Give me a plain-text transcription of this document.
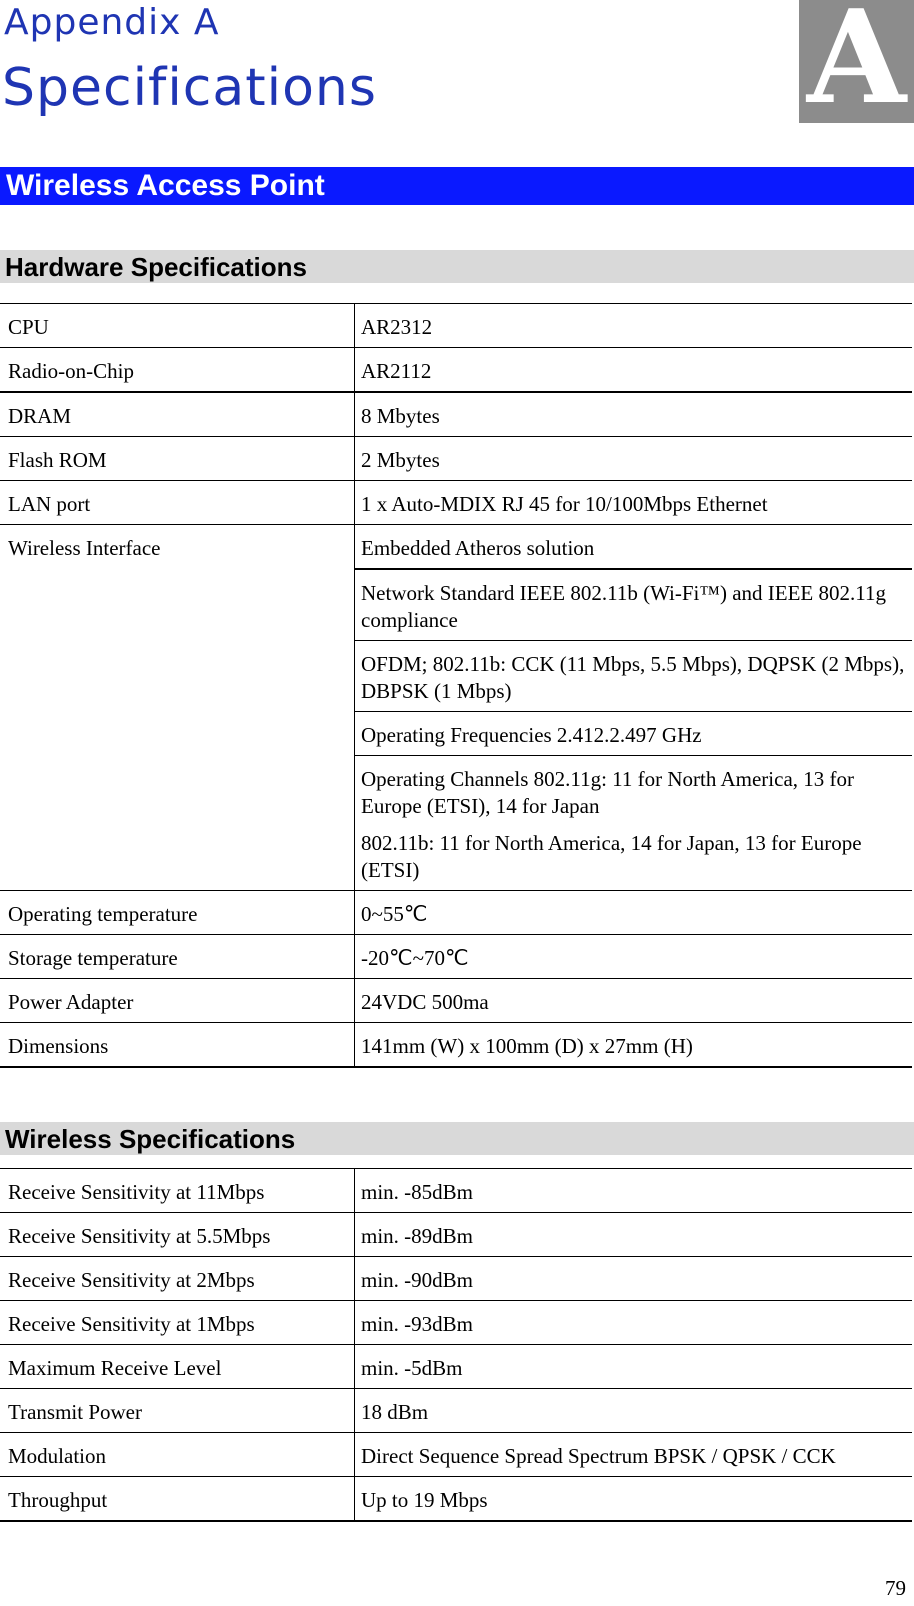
Appendix A
Specifications	A
Wireless Access Point
Hardware Specifications
CPU	AR2312
Radio-on-Chip	AR2112
DRAM	8 Mbytes
Flash ROM	2 Mbytes
LAN port	1 x Auto-MDIX RJ 45 for 10/100Mbps Ethernet
Wireless Interface	Embedded Atheros solution
	Network Standard IEEE 802.11b (Wi-Fi™) and IEEE 802.11g compliance
	OFDM; 802.11b: CCK (11 Mbps, 5.5 Mbps), DQPSK (2 Mbps), DBPSK (1 Mbps)
	Operating Frequencies 2.412.2.497 GHz

	Operating Channels 802.11g: 11 for North America, 13 for Europe (ETSI), 14 for Japan
802.11b: 11 for North America, 14 for Japan, 13 for Europe (ETSI)

Operating temperature	0~55℃
Storage temperature	-20℃~70℃
Power Adapter	24VDC 500ma
Dimensions	141mm (W) x 100mm (D) x 27mm (H)
Wireless Specifications
Receive Sensitivity at 11Mbps	min. -85dBm
Receive Sensitivity at 5.5Mbps	min. -89dBm
Receive Sensitivity at 2Mbps	min. -90dBm
Receive Sensitivity at 1Mbps	min. -93dBm
Maximum Receive Level	min. -5dBm
Transmit Power	18 dBm
Modulation	Direct Sequence Spread Spectrum BPSK / QPSK / CCK
Throughput	Up to 19 Mbps
79
